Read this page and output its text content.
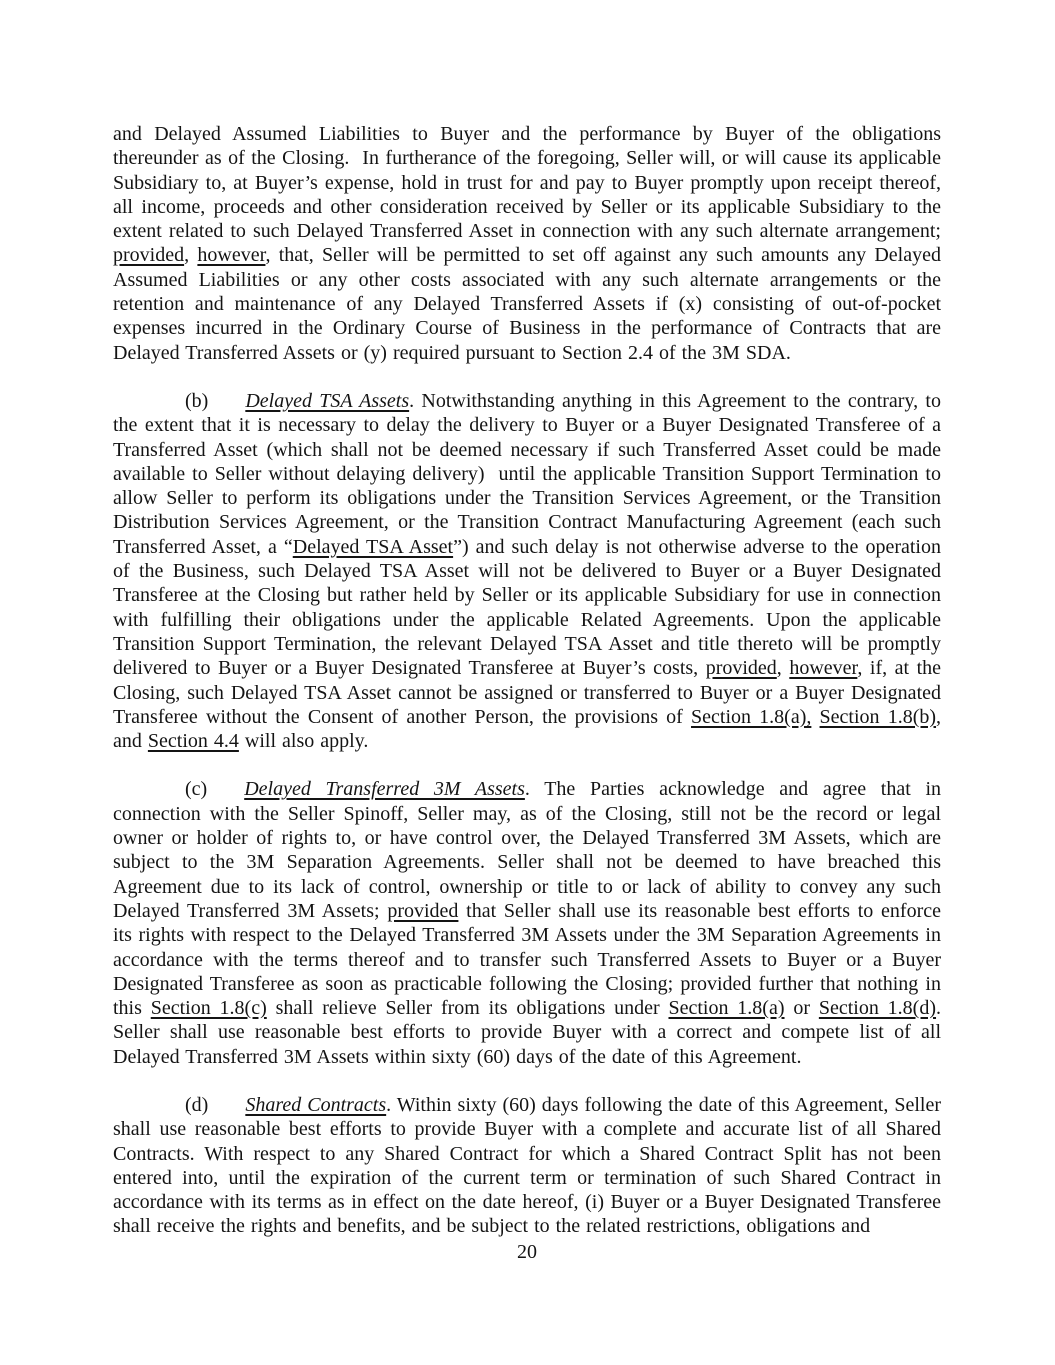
and Delayed Assumed Liabilities to Buyer and the performance by Buyer of the obligations thereunder as of the Closing.  In furtherance of the foregoing, Seller will, or will cause its applicable Subsidiary to, at Buyer’s expense, hold in trust for and pay to Buyer promptly upon receipt thereof, all income, proceeds and other consideration received by Seller or its applicable Subsidiary to the extent related to such Delayed Transferred Asset in connection with any such alternate arrangement; provided, however, that, Seller will be permitted to set off against any such amounts any Delayed Assumed Liabilities or any other costs associated with any such alternate arrangements or the retention and maintenance of any Delayed Transferred Assets if (x) consisting of out-of-pocket expenses incurred in the Ordinary Course of Business in the performance of Contracts that are Delayed Transferred Assets or (y) required pursuant to Section 2.4 of the 3M SDA.

(b) Delayed TSA Assets. Notwithstanding anything in this Agreement to the contrary, to the extent that it is necessary to delay the delivery to Buyer or a Buyer Designated Transferee of a Transferred Asset (which shall not be deemed necessary if such Transferred Asset could be made available to Seller without delaying delivery)  until the applicable Transition Support Termination to allow Seller to perform its obligations under the Transition Services Agreement, or the Transition Distribution Services Agreement, or the Transition Contract Manufacturing Agreement (each such Transferred Asset, a “Delayed TSA Asset”) and such delay is not otherwise adverse to the operation of the Business, such Delayed TSA Asset will not be delivered to Buyer or a Buyer Designated Transferee at the Closing but rather held by Seller or its applicable Subsidiary for use in connection with fulfilling their obligations under the applicable Related Agreements. Upon the applicable Transition Support Termination, the relevant Delayed TSA Asset and title thereto will be promptly delivered to Buyer or a Buyer Designated Transferee at Buyer’s costs, provided, however, if, at the Closing, such Delayed TSA Asset cannot be assigned or transferred to Buyer or a Buyer Designated Transferee without the Consent of another Person, the provisions of Section 1.8(a), Section 1.8(b), and Section 4.4 will also apply.

(c) Delayed Transferred 3M Assets. The Parties acknowledge and agree that in connection with the Seller Spinoff, Seller may, as of the Closing, still not be the record or legal owner or holder of rights to, or have control over, the Delayed Transferred 3M Assets, which are subject to the 3M Separation Agreements. Seller shall not be deemed to have breached this Agreement due to its lack of control, ownership or title to or lack of ability to convey any such Delayed Transferred 3M Assets; provided that Seller shall use its reasonable best efforts to enforce its rights with respect to the Delayed Transferred 3M Assets under the 3M Separation Agreements in accordance with the terms thereof and to transfer such Transferred Assets to Buyer or a Buyer Designated Transferee as soon as practicable following the Closing; provided further that nothing in this Section 1.8(c) shall relieve Seller from its obligations under Section 1.8(a) or Section 1.8(d). Seller shall use reasonable best efforts to provide Buyer with a correct and compete list of all Delayed Transferred 3M Assets within sixty (60) days of the date of this Agreement.

(d) Shared Contracts. Within sixty (60) days following the date of this Agreement, Seller shall use reasonable best efforts to provide Buyer with a complete and accurate list of all Shared Contracts. With respect to any Shared Contract for which a Shared Contract Split has not been entered into, until the expiration of the current term or termination of such Shared Contract in accordance with its terms as in effect on the date hereof, (i) Buyer or a Buyer Designated Transferee shall receive the rights and benefits, and be subject to the related restrictions, obligations and

20
